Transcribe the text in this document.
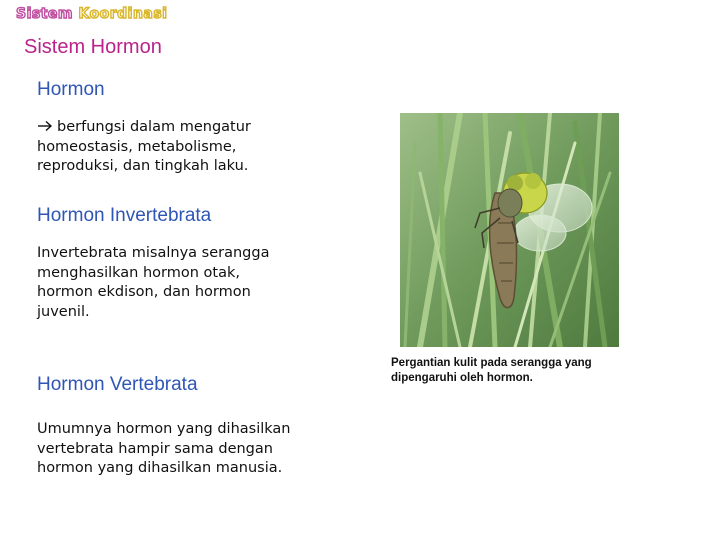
Sistem Koordinasi
Sistem Hormon
Hormon
berfungsi dalam mengatur
homeostasis, metabolisme,
reproduksi, dan tingkah laku.
Hormon Invertebrata
Invertebrata misalnya serangga
menghasilkan hormon otak,
hormon ekdison, dan hormon
juvenil.
Hormon Vertebrata
Umumnya hormon yang dihasilkan
vertebrata hampir sama dengan
hormon yang dihasilkan manusia.
Pergantian kulit pada serangga yang
dipengaruhi oleh hormon.
